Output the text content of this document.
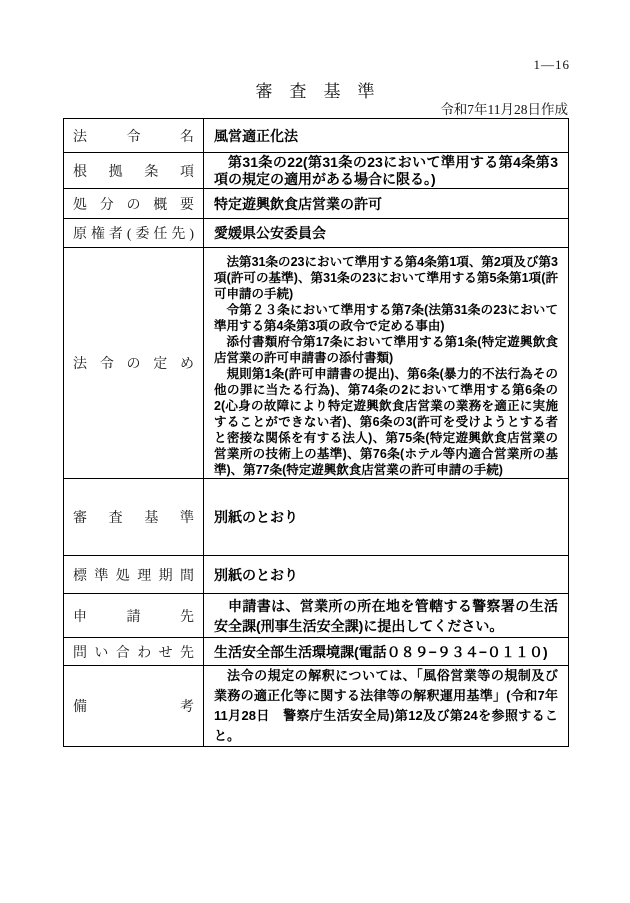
1—16
審　査　基　準
令和7年11月28日作成
法令名	風営適正化法
根拠条項	第31条の22(第31条の23において準用する第4条第3項の規定の適用がある場合に限る。)

処分の概要	特定遊興飲食店営業の許可
原権者(委任先)	愛媛県公安委員会
法令の定め	法第31条の23において準用する第4条第1項、第2項及び第3項(許可の基準)、第31条の23において準用する第5条第1項(許可申請の手続)

令第２３条において準用する第7条(法第31条の23において準用する第4条第3項の政令で定める事由)

添付書類府令第17条において準用する第1条(特定遊興飲食店営業の許可申請書の添付書類)

規則第1条(許可申請書の提出)、第6条(暴力的不法行為その他の罪に当たる行為)、第74条の2において準用する第6条の2(心身の故障により特定遊興飲食店営業の業務を適正に実施することができない者)、第6条の3(許可を受けようとする者と密接な関係を有する法人)、第75条(特定遊興飲食店営業の営業所の技術上の基準)、第76条(ホテル等内適合営業所の基準)、第77条(特定遊興飲食店営業の許可申請の手続)

審査基準	別紙のとおり
標準処理期間	別紙のとおり
申請先	申請書は、営業所の所在地を管轄する警察署の生活安全課(刑事生活安全課)に提出してください。

問い合わせ先	生活安全部生活環境課(電話０８９−９３４−０１１０)
備考	法令の規定の解釈については、「風俗営業等の規制及び業務の適正化等に関する法律等の解釈運用基準」(令和7年11月28日　警察庁生活安全局)第12及び第24を参照すること。
